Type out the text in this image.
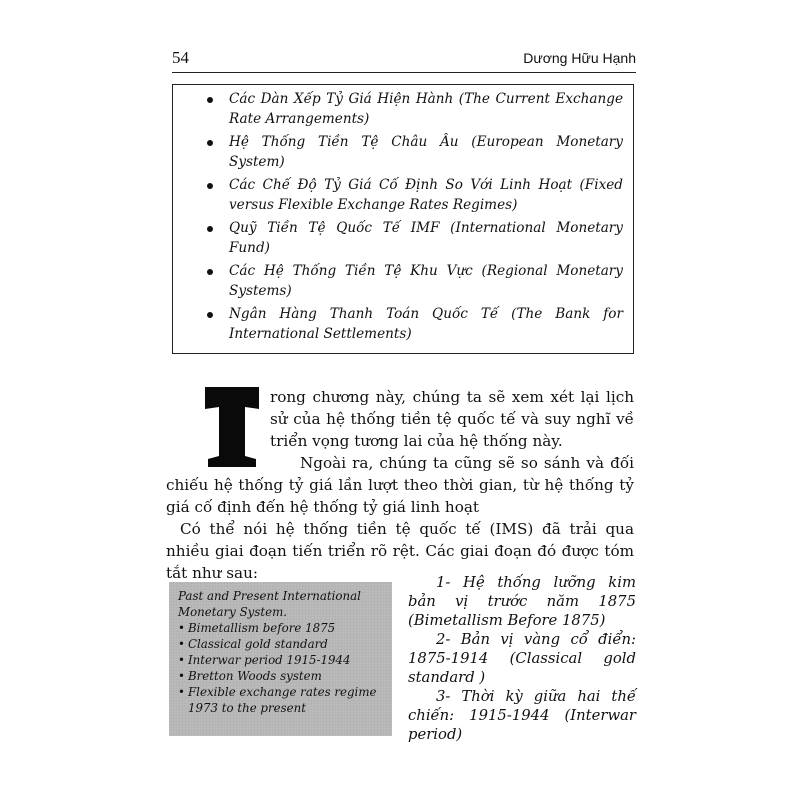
54	Dương Hữu Hạnh
Các Dàn Xếp Tỷ Giá Hiện Hành (The Current Exchange Rate Arrangements)
Hệ Thống Tiền Tệ Châu Âu (European Monetary System)
Các Chế Độ Tỷ Giá Cố Định So Với Linh Hoạt (Fixed versus Flexible Exchange Rates Regimes)
Quỹ Tiền Tệ Quốc Tế IMF (International Monetary Fund)
Các Hệ Thống Tiền Tệ Khu Vực (Regional Monetary Systems)
Ngân Hàng Thanh Toán Quốc Tế (The Bank for International Settlements)
T

rong chương này, chúng ta sẽ xem xét lại lịch sử của hệ thống tiền tệ quốc tế và suy nghĩ về triển vọng tương lai của hệ thống này.

Ngoài ra, chúng ta cũng sẽ so sánh và đối chiếu hệ thống tỷ giá lần lượt theo thời gian, từ hệ thống tỷ giá cố định đến hệ thống tỷ giá linh hoạt

Có thể nói hệ thống tiền tệ quốc tế (IMS) đã trải qua nhiều giai đoạn tiến triển rõ rệt. Các giai đoạn đó được tóm tắt như sau:

Past and Present International Monetary System.
• Bimetallism before 1875
• Classical gold standard
• Interwar period 1915-1944
• Bretton Woods system
• Flexible exchange rates regime 1973 to the present

1- Hệ thống lưỡng kim bản vị trước năm 1875 (Bimetallism Before 1875)

2- Bản vị vàng cổ điển: 1875-1914 (Classical gold standard )

3- Thời kỳ giữa hai thế chiến: 1915-1944 (Interwar period)
